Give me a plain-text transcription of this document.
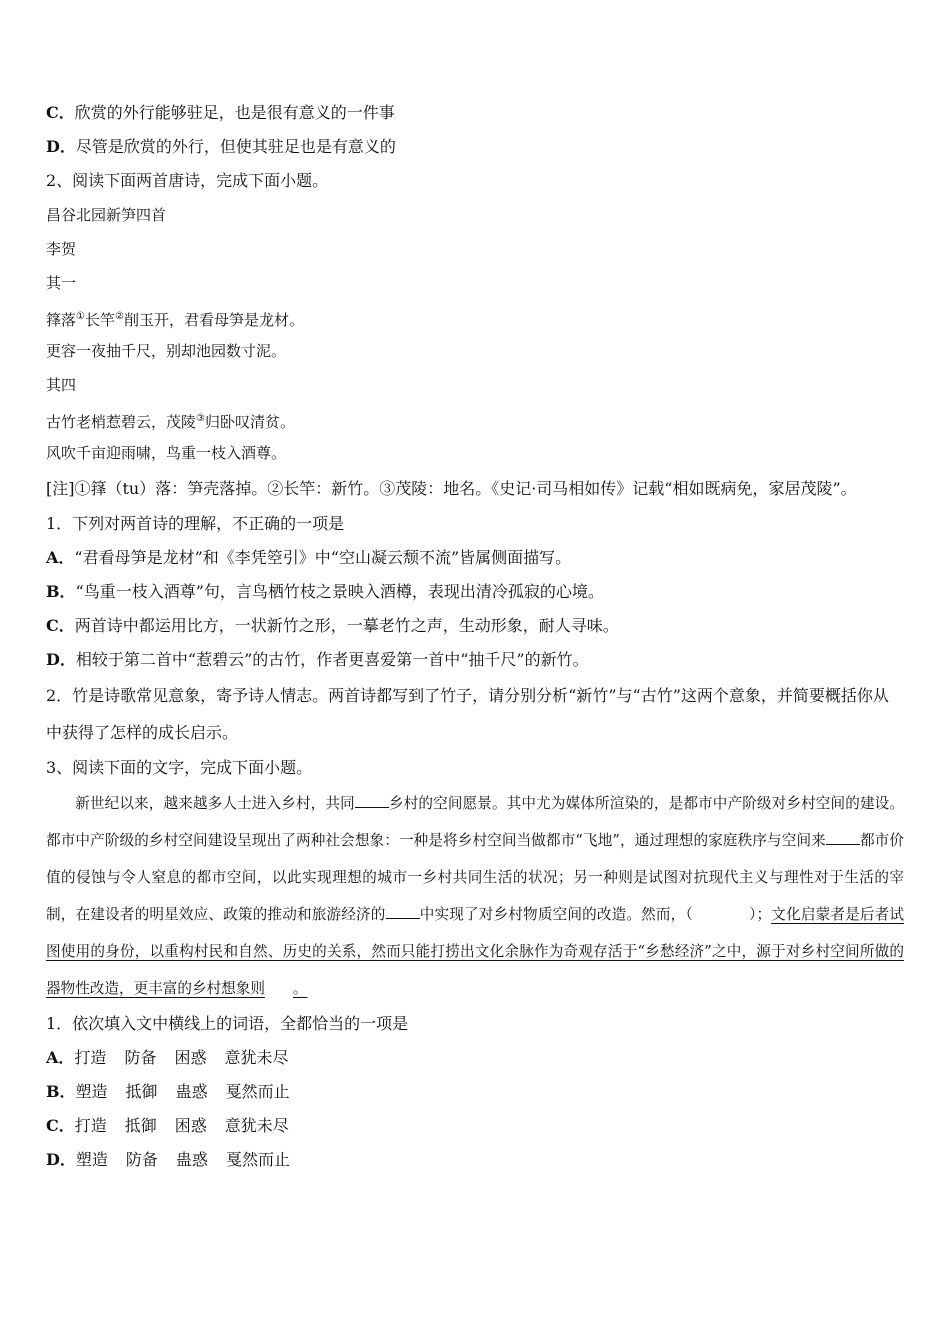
C．欣赏的外行能够驻足，也是很有意义的一件事
D．尽管是欣赏的外行，但使其驻足也是有意义的
2、阅读下面两首唐诗，完成下面小题。
昌谷北园新笋四首
李贺
其一
箨落①长竿②削玉开，君看母笋是龙材。
更容一夜抽千尺，别却池园数寸泥。
其四
古竹老梢惹碧云，茂陵③归卧叹清贫。
风吹千亩迎雨啸，鸟重一枝入酒尊。
[注]①箨（tu）落：笋壳落掉。②长竿：新竹。③茂陵：地名。《史记·司马相如传》记载“相如既病免，家居茂陵”。
1．下列对两首诗的理解，不正确的一项是
A．“君看母笋是龙材”和《李凭箜引》中“空山凝云颓不流”皆属侧面描写。
B．“鸟重一枝入酒尊”句，言鸟栖竹枝之景映入酒樽，表现出清冷孤寂的心境。
C．两首诗中都运用比方，一状新竹之形，一摹老竹之声，生动形象，耐人寻味。
D．相较于第二首中“惹碧云”的古竹，作者更喜爱第一首中“抽千尺”的新竹。
2．竹是诗歌常见意象，寄予诗人情志。两首诗都写到了竹子，请分别分析“新竹”与“古竹”这两个意象，并简要概括你从中获得了怎样的成长启示。
3、阅读下面的文字，完成下面小题。
新世纪以来，越来越多人士进入乡村，共同 乡村的空间愿景。其中尤为媒体所渲染的，是都市中产阶级对乡村空间的建设。都市中产阶级的乡村空间建设呈现出了两种社会想象：一种是将乡村空间当做都市“飞地”，通过理想的家庭秩序与空间来 都市价值的侵蚀与令人窒息的都市空间，以此实现理想的城市一乡村共同生活的状况；另一种则是试图对抗现代主义与理性对于生活的宰制，在建设者的明星效应、政策的推动和旅游经济的 中实现了对乡村物质空间的改造。然而，（	）；文化启蒙者是后者试图使用的身份，以重构村民和自然、历史的关系，然而只能打捞出文化余脉作为奇观存活于“乡愁经济”之中，源于对乡村空间所做的器物性改造，更丰富的乡村想象则 。
1．依次填入文中横线上的词语，全都恰当的一项是
A．打造 防备 困惑 意犹未尽
B．塑造 抵御 蛊惑 戛然而止
C．打造 抵御 困惑 意犹未尽
D．塑造 防备 蛊惑 戛然而止
